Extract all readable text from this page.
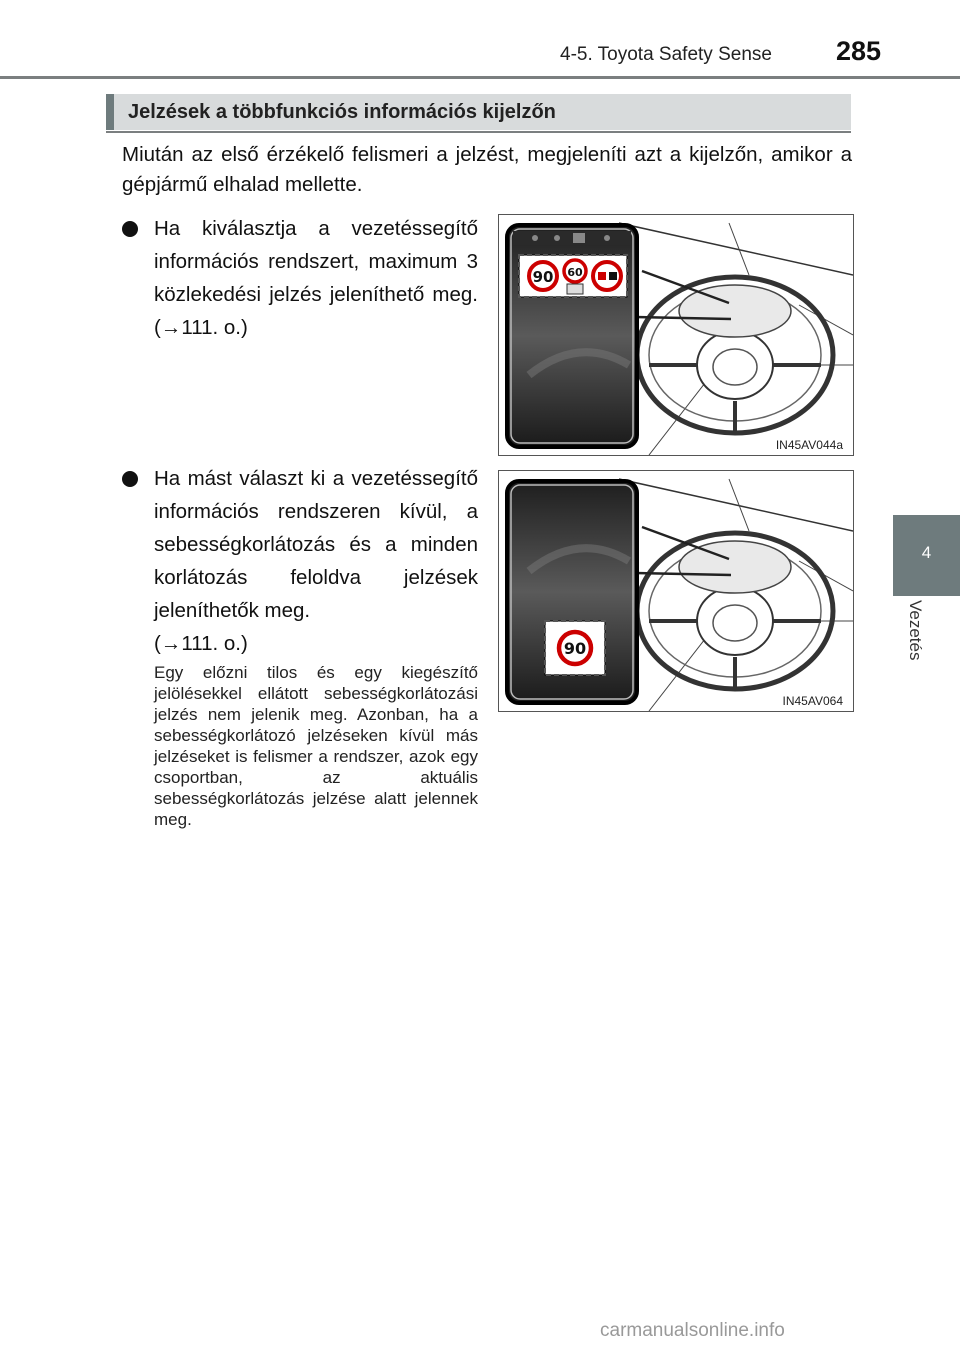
4-5. Toyota Safety Sense 285
4
Vezetés
Jelzések a többfunkciós információs kijelzőn
Miután az első érzékelő felismeri a jelzést, megjeleníti azt a kijelzőn, amikor a gépjármű elhalad mellette.
Ha kiválasztja a vezetéssegítő információs rendszert, maximum 3 közlekedési jelzés jeleníthető meg. (→111. o.)
Ha mást választ ki a vezetéssegítő információs rendszeren kívül, a sebességkorlátozás és a minden korlátozás feloldva jelzések jeleníthetők meg.
(→111. o.)
Egy előzni tilos és egy kiegészítő jelölésekkel ellátott sebességkorlátozási jelzés nem jelenik meg. Azonban, ha a sebességkorlátozó jelzéseken kívül más jelzéseket is felismer a rendszer, azok egy csoportban, az aktuális sebességkorlátozás jelzése alatt jelennek meg.
90 60
IN45AV044a
90
IN45AV064
carmanualsonline.info
